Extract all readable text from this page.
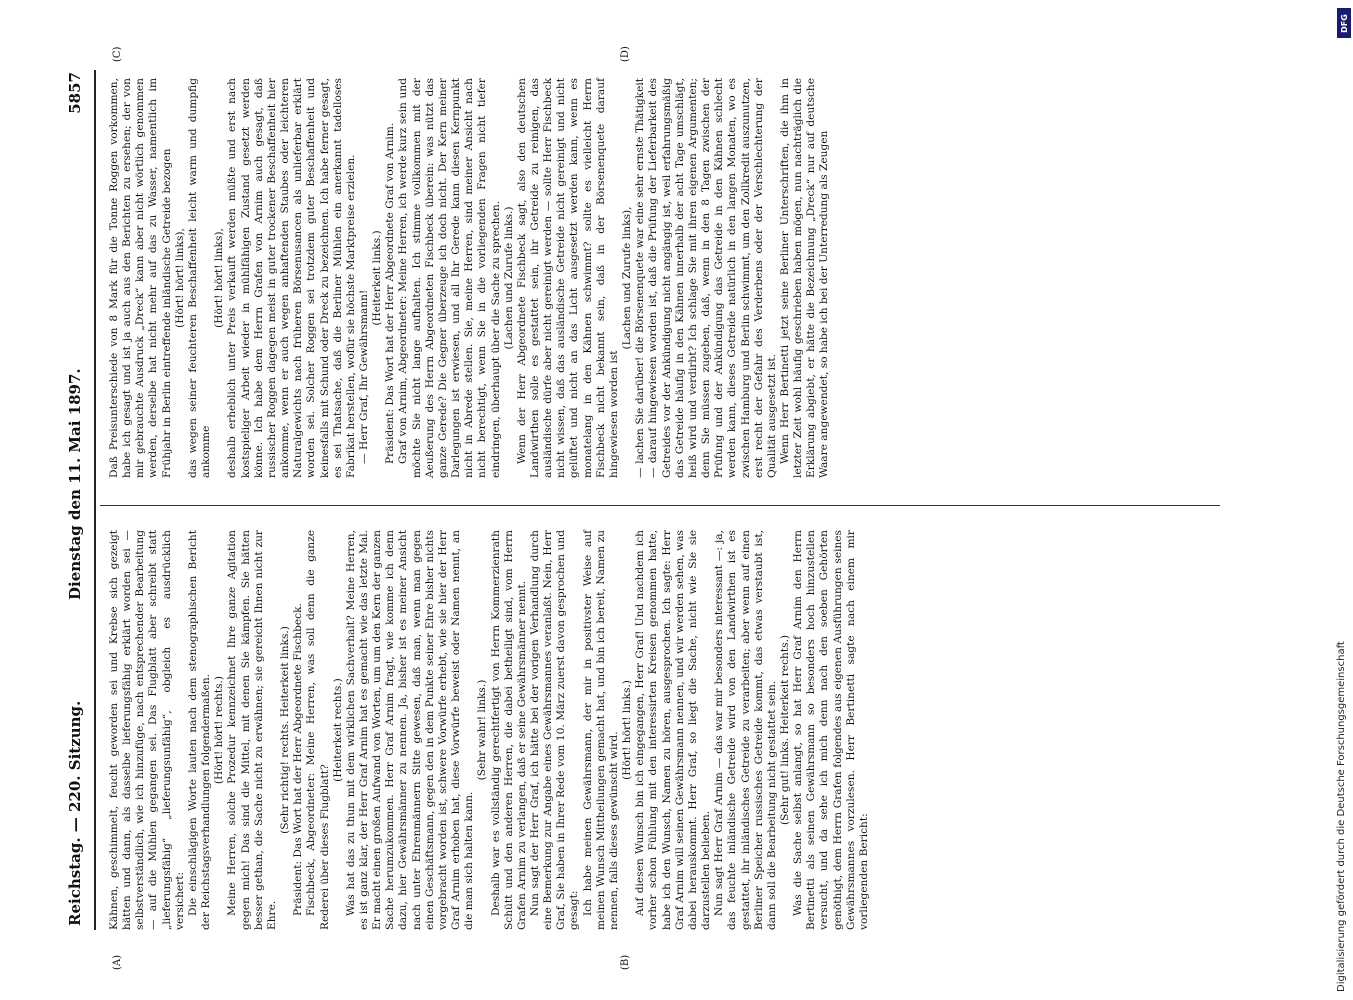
Reichstag. — 220. Sitzung.
Dienstag den 11. Mai 1897.
5857
(A)	(B)
(C)	(D)

Kähnen, geschimmelt, feucht geworden sei und Krebse sich gezeigt hätten und dann, als dasselbe lieferungsfähig erklärt worden sei — selbstverständlich, wie ich hinzufüge, nach entsprechender Bearbeitung — auf die Mühlen gegangen sei. Das Flugblatt aber schreibt statt „lieferungsfähig“ „lieferungsunfähig“, obgleich es ausdrücklich versichert: Die einschlägigen Worte lauten nach dem stenographischen Bericht der Reichstagsverhandlungen folgendermaßen. (Hört! hört! rechts.) Meine Herren, solche Prozedur kennzeichnet Ihre ganze Agitation gegen mich! Das sind die Mittel, mit denen Sie kämpfen. Sie hätten besser gethan, die Sache nicht zu erwähnen; sie gereicht Ihnen nicht zur Ehre.

(Sehr richtig! rechts. Heiterkeit links.) Präsident: Das Wort hat der Herr Abgeordnete Fischbeck. Fischbeck, Abgeordneter: Meine Herren, was soll denn die ganze Rederei über dieses Flugblatt?

(Heiterkeit rechts.) Was hat das zu thun mit dem wirklichen Sachverhalt? Meine Herren, es ist ganz klar, der Herr Graf Arnim hat es gemacht wie das letzte Mal. Er macht einen großen Aufwand von Worten, um um den Kern der ganzen Sache herumzukommen. Herr Graf Arnim fragt, wie komme ich denn dazu, hier Gewährsmänner zu nennen. Ja, bisher ist es meiner Ansicht nach unter Ehrenmännern Sitte gewesen, daß man, wenn man gegen einen Geschäftsmann, gegen den in dem Punkte seiner Ehre bisher nichts vorgebracht worden ist, schwere Vorwürfe erhebt, wie sie hier der Herr Graf Arnim erhoben hat, diese Vorwürfe beweist oder Namen nennt, an die man sich halten kann.

(Sehr wahr! links.) Deshalb war es vollständig gerechtfertigt von Herrn Kommerzienrath Schütt und den anderen Herren, die dabei betheiligt sind, vom Herrn Grafen Arnim zu verlangen, daß er seine Gewährsmänner nennt. Nun sagt der Herr Graf, ich hätte bei der vorigen Verhandlung durch eine Bemerkung zur Angabe eines Gewährsmannes veranlaßt. Nein, Herr Graf, Sie haben in Ihrer Rede vom 10. März zuerst davon gesprochen und gesagt: Ich habe meinen Gewährsmann, der mir in positivster Weise auf meinen Wunsch Mittheilungen gemacht hat, und bin ich bereit, Namen zu nennen, falls dieses gewünscht wird.

(Hört! hört! links.) Auf diesen Wunsch bin ich eingegangen, Herr Graf! Und nachdem ich vorher schon Fühlung mit den interessirten Kreisen genommen hatte, habe ich den Wunsch, Namen zu hören, ausgesprochen. Ich sagte: Herr Graf Arnim will seinen Gewährsmann nennen, und wir werden sehen, was dabei herauskommt. Herr Graf, so liegt die Sache, nicht wie Sie sie darzustellen belieben. Nun sagt Herr Graf Arnim — das war mir besonders interessant —: ja, das feuchte inländische Getreide wird von den Landwirthen ist es gestattet, ihr inländisches Getreide zu verarbeiten; aber wenn auf einen Berliner Speicher russisches Getreide kommt, das etwas verstaubt ist, dann soll die Bearbeitung nicht gestattet sein. (Sehr gut! links. Heiterkeit rechts.) Was die Sache selbst anlangt, so hat Herr Graf Arnim den Herrn Bertinetti als seinen Gewährsmann so besonders hoch hinzustellen versucht, und da sehe ich mich denn nach den soeben Gehörten genöthigt, dem Herrn Grafen folgendes aus eigenen Ausführungen seines Gewährsmannes vorzulesen. Herr Bertinetti sagte nach einem mir vorliegenden Bericht:

Daß Preisunterschiede von 8 Mark für die Tonne Roggen vorkommen, habe ich gesagt und ist ja auch aus den Berichten zu ersehen; der von mir gebrauchte Ausdruck „Dreck“ kann aber nicht wörtlich genommen werden, derselbe hat nicht mehr auf das zu Wasser, namentlich im Frühjahr in Berlin eintreffende inländische Getreide bezogen (Hört! hört! links), das wegen seiner feuchteren Beschaffenheit leicht warm und dumpfig ankomme

(Hört! hört! links), deshalb erheblich unter Preis verkauft werden müßte und erst nach kostspieliger Arbeit wieder in mühlfähigen Zustand gesetzt werden könne. Ich habe dem Herrn Grafen von Arnim auch gesagt, daß russischer Roggen dagegen meist in guter trockener Beschaffenheit hier ankomme, wenn er auch wegen anhaftenden Staubes oder leichteren Naturalgewichts nach früheren Börsenusancen als unlieferbar erklärt worden sei. Solcher Roggen sei trotzdem guter Beschaffenheit und keinesfalls mit Schund oder Dreck zu bezeichnen. Ich habe ferner gesagt, es sei Thatsache, daß die Berliner Mühlen ein anerkannt tadelloses Fabrikat herstellen, wofür sie höchste Marktpreise erzielen. — Herr Graf, Ihr Gewährsmann!

(Heiterkeit links.) Präsident: Das Wort hat der Herr Abgeordnete Graf von Arnim. Graf von Arnim, Abgeordneter: Meine Herren, ich werde kurz sein und möchte Sie nicht lange aufhalten. Ich stimme vollkommen mit der Aeußerung des Herrn Abgeordneten Fischbeck überein: was nützt das ganze Gerede? Die Gegner überzeuge ich doch nicht. Der Kern meiner Darlegungen ist erwiesen, und all Ihr Gerede kann diesen Kernpunkt nicht in Abrede stellen. Sie, meine Herren, sind meiner Ansicht nach nicht berechtigt, wenn Sie in die vorliegenden Fragen nicht tiefer eindringen, überhaupt über die Sache zu sprechen. (Lachen und Zurufe links.) Wenn der Herr Abgeordnete Fischbeck sagt, also den deutschen Landwirthen solle es gestattet sein, ihr Getreide zu reinigen, das ausländische dürfe aber nicht gereinigt werden — sollte Herr Fischbeck nicht wissen, daß das ausländische Getreide nicht gereinigt und nicht gelüftet und nicht an das Licht ausgesetzt werden kann, wenn es monatelang in den Kähnen schwimmt? sollte es vielleicht Herrn Fischbeck nicht bekannt sein, daß in der Börsenenquete darauf hingewiesen worden ist

(Lachen und Zurufe links), — lachen Sie darüber! die Börsenenquete war eine sehr ernste Thätigkeit — darauf hingewiesen worden ist, daß die Prüfung der Lieferbarkeit des Getreides vor der Ankündigung nicht angängig ist, weil erfahrungsmäßig das Getreide häufig in den Kähnen innerhalb der acht Tage umschlägt, heiß wird und verdirbt? Ich schlage Sie mit ihren eigenen Argumenten; denn Sie müssen zugeben, daß, wenn in den 8 Tagen zwischen der Prüfung und der Ankündigung das Getreide in den Kähnen schlecht werden kann, dieses Getreide natürlich in den langen Monaten, wo es zwischen Hamburg und Berlin schwimmt, um den Zollkredit auszunutzen, erst recht der Gefahr des Verderbens oder der Verschlechterung der Qualität ausgesetzt ist. Wenn Herr Bertinetti jetzt seine Berliner Unterschriften, die ihm in letzter Zeit wohl häufig geschrieben haben mögen, nun nachträglich die Erklärung abgiebt, er hätte die Bezeichnung „Dreck“ nur auf deutsche Waare angewendet, so habe ich bei der Unterredung als Zeugen

Digitalisierung gefördert durch die Deutsche Forschungsgemeinschaft
DFG
